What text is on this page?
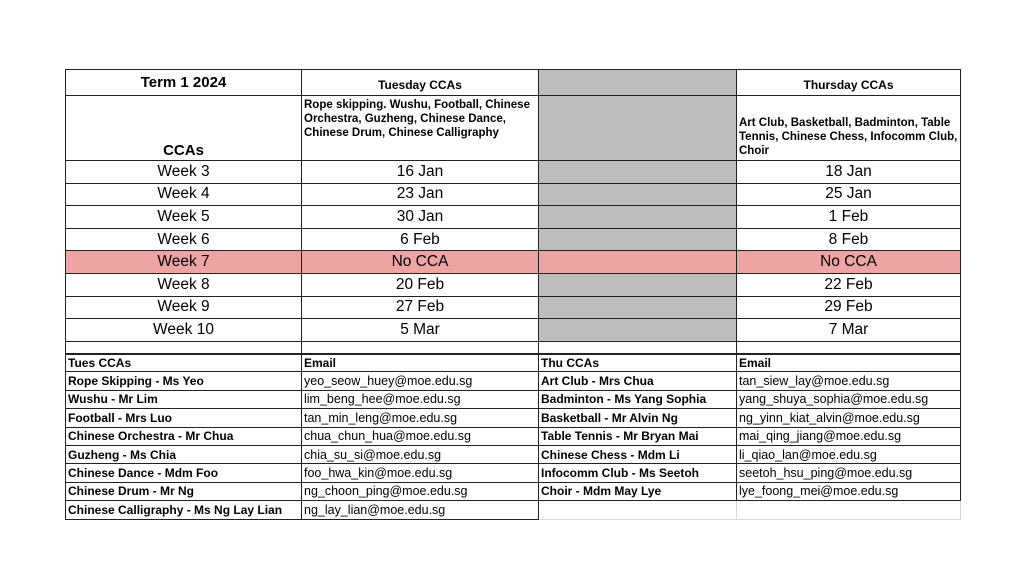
Term 1 2024	Tuesday CCAs		Thursday CCAs
CCAs	Rope skipping. Wushu, Football, Chinese Orchestra, Guzheng, Chinese Dance, Chinese Drum, Chinese Calligraphy		Art Club, Basketball, Badminton, Table Tennis, Chinese Chess, Infocomm Club, Choir
Week 3	16 Jan		18 Jan
Week 4	23 Jan		25 Jan
Week 5	30 Jan		1 Feb
Week 6	6 Feb		8 Feb
Week 7	No CCA		No CCA
Week 8	20 Feb		22 Feb
Week 9	27 Feb		29 Feb
Week 10	5 Mar		7 Mar

Tues CCAs	Email	Thu CCAs	Email
Rope Skipping - Ms Yeo	yeo_seow_huey@moe.edu.sg	Art Club - Mrs Chua	tan_siew_lay@moe.edu.sg
Wushu - Mr Lim	lim_beng_hee@moe.edu.sg	Badminton - Ms Yang Sophia	yang_shuya_sophia@moe.edu.sg
Football - Mrs Luo	tan_min_leng@moe.edu.sg	Basketball - Mr Alvin Ng	ng_yinn_kiat_alvin@moe.edu.sg
Chinese Orchestra - Mr Chua	chua_chun_hua@moe.edu.sg	Table Tennis - Mr Bryan Mai	mai_qing_jiang@moe.edu.sg
Guzheng - Ms Chia	chia_su_si@moe.edu.sg	Chinese Chess - Mdm Li	li_qiao_lan@moe.edu.sg
Chinese Dance - Mdm Foo	foo_hwa_kin@moe.edu.sg	Infocomm Club - Ms Seetoh	seetoh_hsu_ping@moe.edu.sg
Chinese Drum - Mr Ng	ng_choon_ping@moe.edu.sg	Choir - Mdm May Lye	lye_foong_mei@moe.edu.sg
Chinese Calligraphy - Ms Ng Lay Lian	ng_lay_lian@moe.edu.sg		
